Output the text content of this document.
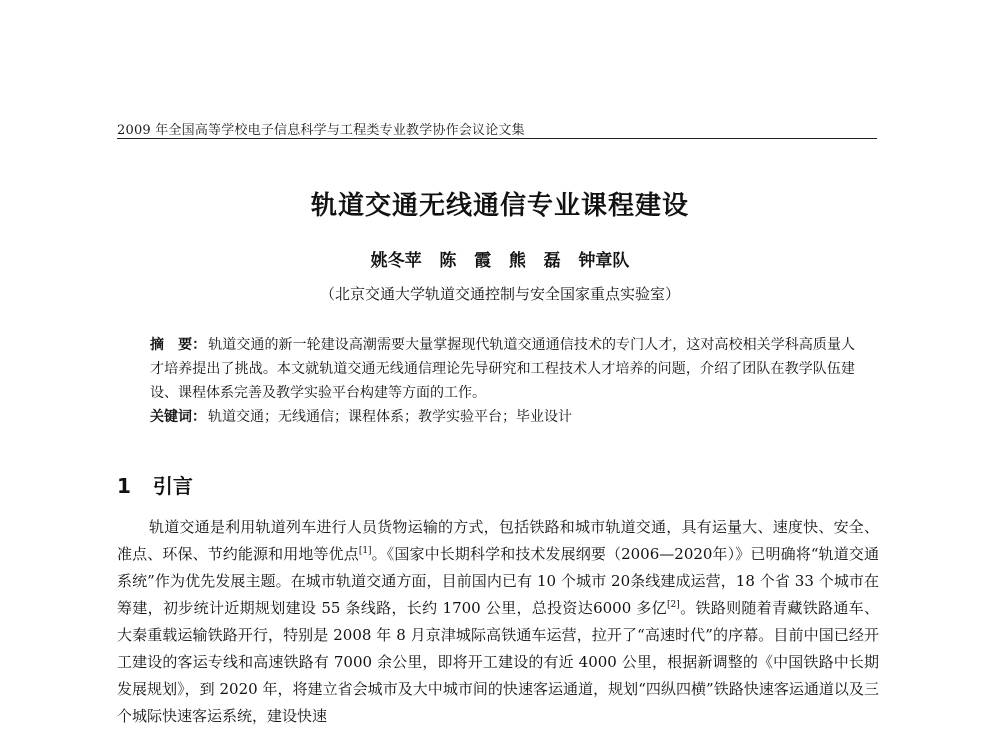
2009 年全国高等学校电子信息科学与工程类专业教学协作会议论文集
轨道交通无线通信专业课程建设
姚冬苹   陈   霞   熊   磊   钟章队
（北京交通大学轨道交通控制与安全国家重点实验室）

摘　要： 轨道交通的新一轮建设高潮需要大量掌握现代轨道交通通信技术的专门人才，这对高校相关学科高质量人才培养提出了挑战。本文就轨道交通无线通信理论先导研究和工程技术人才培养的问题，介绍了团队在教学队伍建设、课程体系完善及教学实验平台构建等方面的工作。

关键词： 轨道交通；无线通信；课程体系；教学实验平台；毕业设计

1 引言

轨道交通是利用轨道列车进行人员货物运输的方式，包括铁路和城市轨道交通，具有运量大、速度快、安全、准点、环保、节约能源和用地等优点[1]。《国家中长期科学和技术发展纲要（2006—2020年）》已明确将“轨道交通系统”作为优先发展主题。在城市轨道交通方面，目前国内已有 10 个城市 20条线建成运营，18 个省 33 个城市在筹建，初步统计近期规划建设 55 条线路，长约 1700 公里，总投资达6000 多亿[2]。铁路则随着青藏铁路通车、大秦重载运输铁路开行，特别是 2008 年 8 月京津城际高铁通车运营，拉开了“高速时代”的序幕。目前中国已经开工建设的客运专线和高速铁路有 7000 余公里，即将开工建设的有近 4000 公里，根据新调整的《中国铁路中长期发展规划》，到 2020 年，将建立省会城市及大中城市间的快速客运通道，规划“四纵四横”铁路快速客运通道以及三个城际快速客运系统，建设快速
